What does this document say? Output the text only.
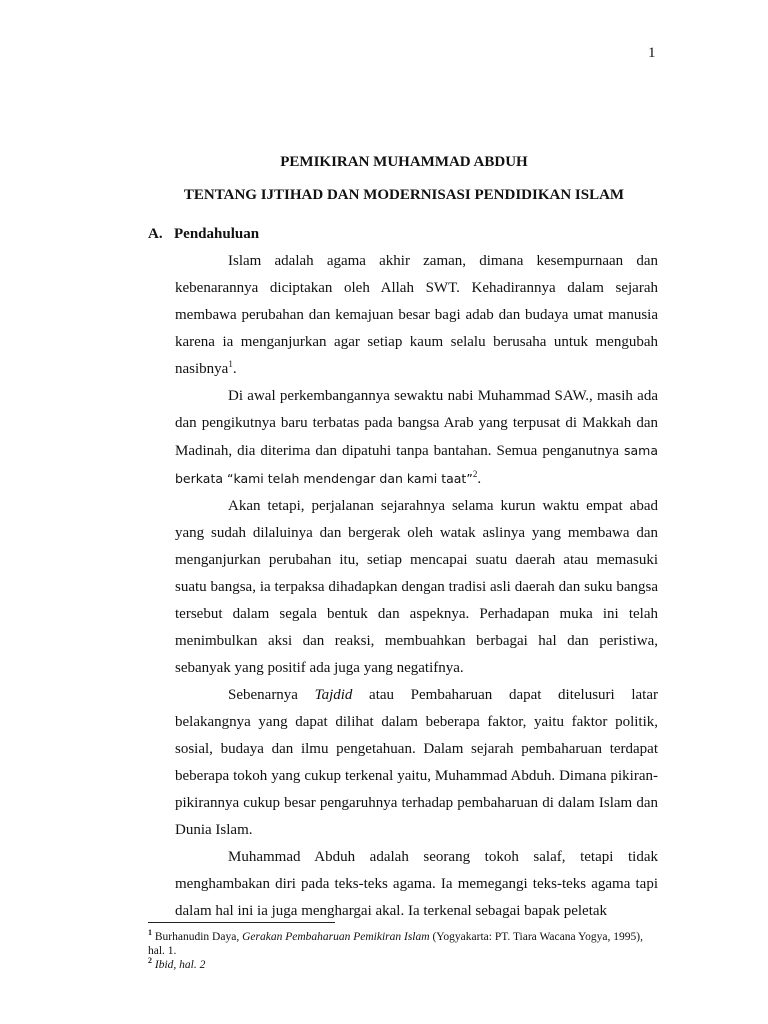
1
PEMIKIRAN MUHAMMAD ABDUH
TENTANG IJTIHAD DAN MODERNISASI PENDIDIKAN ISLAM
A. Pendahuluan

Islam adalah agama akhir zaman, dimana kesempurnaan dan kebenarannya diciptakan oleh Allah SWT. Kehadirannya dalam sejarah membawa perubahan dan kemajuan besar bagi adab dan budaya umat manusia karena ia menganjurkan agar setiap kaum selalu berusaha untuk mengubah nasibnya$^1$.

Di awal perkembangannya sewaktu nabi Muhammad SAW., masih ada dan pengikutnya baru terbatas pada bangsa Arab yang terpusat di Makkah dan Madinah, dia diterima dan dipatuhi tanpa bantahan. Semua penganutnya sama berkata “kami telah mendengar dan kami taat”$^2$.

Akan tetapi, perjalanan sejarahnya selama kurun waktu empat abad yang sudah dilaluinya dan bergerak oleh watak aslinya yang membawa dan menganjurkan perubahan itu, setiap mencapai suatu daerah atau memasuki suatu bangsa, ia terpaksa dihadapkan dengan tradisi asli daerah dan suku bangsa tersebut dalam segala bentuk dan aspeknya. Perhadapan muka ini telah menimbulkan aksi dan reaksi, membuahkan berbagai hal dan peristiwa, sebanyak yang positif ada juga yang negatifnya.

Sebenarnya Tajdid atau Pembaharuan dapat ditelusuri latar belakangnya yang dapat dilihat dalam beberapa faktor, yaitu faktor politik, sosial, budaya dan ilmu pengetahuan. Dalam sejarah pembaharuan terdapat beberapa tokoh yang cukup terkenal yaitu, Muhammad Abduh. Dimana pikiran-pikirannya cukup besar pengaruhnya terhadap pembaharuan di dalam Islam dan Dunia Islam.

Muhammad Abduh adalah seorang tokoh salaf, tetapi tidak menghambakan diri pada teks-teks agama. Ia memegangi teks-teks agama tapi dalam hal ini ia juga menghargai akal. Ia terkenal sebagai bapak peletak

$^1$ Burhanudin Daya, Gerakan Pembaharuan Pemikiran Islam (Yogyakarta: PT. Tiara Wacana Yogya, 1995), hal. 1.
$^2$ Ibid, hal. 2
